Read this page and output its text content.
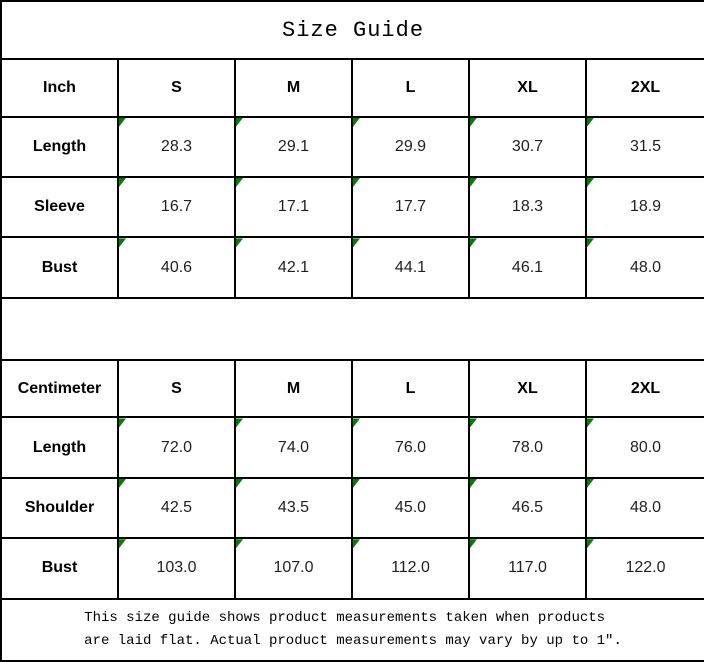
Size Guide					
Inch	S	M	L	XL	2XL
Length	28.3	29.1	29.9	30.7	31.5
Sleeve	16.7	17.1	17.7	18.3	18.9
Bust	40.6	42.1	44.1	46.1	48.0

Centimeter	S	M	L	XL	2XL
Length	72.0	74.0	76.0	78.0	80.0
Shoulder	42.5	43.5	45.0	46.5	48.0
Bust	103.0	107.0	112.0	117.0	122.0

This size guide shows product measurements taken when products
are laid flat. Actual product measurements may vary by up to 1″.					
